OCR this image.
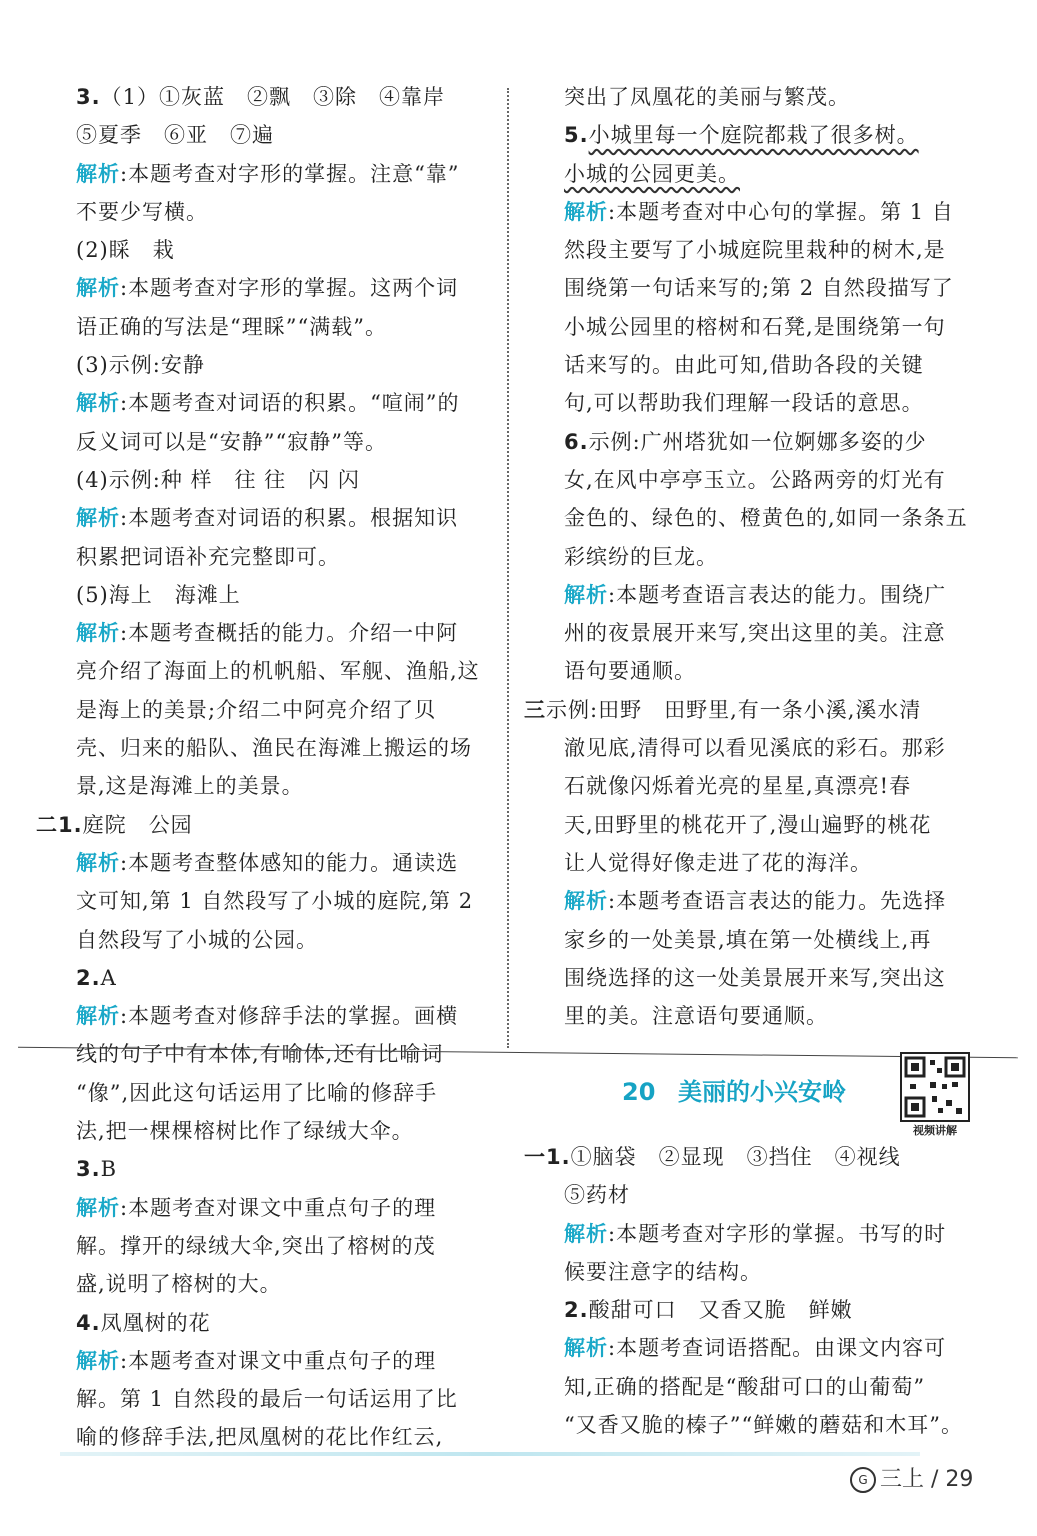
3.（1）①灰蓝　②飘　③除　④靠岸
⑤夏季　⑥亚　⑦遍
解析:本题考查对字形的掌握。注意“靠”
不要少写横。
(2)睬　栽
解析:本题考查对字形的掌握。这两个词
语正确的写法是“理睬”“满载”。
(3)示例:安静
解析:本题考查对词语的积累。“喧闹”的
反义词可以是“安静”“寂静”等。
(4)示例:种 样　往 往　闪 闪
解析:本题考查对词语的积累。根据知识
积累把词语补充完整即可。
(5)海上　海滩上
解析:本题考查概括的能力。介绍一中阿
亮介绍了海面上的机帆船、军舰、渔船,这
是海上的美景;介绍二中阿亮介绍了贝
壳、归来的船队、渔民在海滩上搬运的场
景,这是海滩上的美景。
二1.庭院　公园
解析:本题考查整体感知的能力。通读选
文可知,第 1 自然段写了小城的庭院,第 2
自然段写了小城的公园。
2.A
解析:本题考查对修辞手法的掌握。画横
线的句子中有本体,有喻体,还有比喻词
“像”,因此这句话运用了比喻的修辞手
法,把一棵棵榕树比作了绿绒大伞。
3.B
解析:本题考查对课文中重点句子的理
解。撑开的绿绒大伞,突出了榕树的茂
盛,说明了榕树的大。
4.凤凰树的花
解析:本题考查对课文中重点句子的理
解。第 1 自然段的最后一句话运用了比
喻的修辞手法,把凤凰树的花比作红云,
突出了凤凰花的美丽与繁茂。
5.小城里每一个庭院都栽了很多树。
小城的公园更美。
解析:本题考查对中心句的掌握。第 1 自
然段主要写了小城庭院里栽种的树木,是
围绕第一句话来写的;第 2 自然段描写了
小城公园里的榕树和石凳,是围绕第一句
话来写的。由此可知,借助各段的关键
句,可以帮助我们理解一段话的意思。
6.示例:广州塔犹如一位婀娜多姿的少
女,在风中亭亭玉立。公路两旁的灯光有
金色的、绿色的、橙黄色的,如同一条条五
彩缤纷的巨龙。
解析:本题考查语言表达的能力。围绕广
州的夜景展开来写,突出这里的美。注意
语句要通顺。
三示例:田野　田野里,有一条小溪,溪水清
澈见底,清得可以看见溪底的彩石。那彩
石就像闪烁着光亮的星星,真漂亮!春
天,田野里的桃花开了,漫山遍野的桃花
让人觉得好像走进了花的海洋。
解析:本题考查语言表达的能力。先选择
家乡的一处美景,填在第一处横线上,再
围绕选择的这一处美景展开来写,突出这
里的美。注意语句要通顺。
20 美丽的小兴安岭
视频讲解
一1.①脑袋　②显现　③挡住　④视线
⑤药材
解析:本题考查对字形的掌握。书写的时
候要注意字的结构。
2.酸甜可口　又香又脆　鲜嫩
解析:本题考查词语搭配。由课文内容可
知,正确的搭配是“酸甜可口的山葡萄”
“又香又脆的榛子”“鲜嫩的蘑菇和木耳”。
G 三上 / 29
